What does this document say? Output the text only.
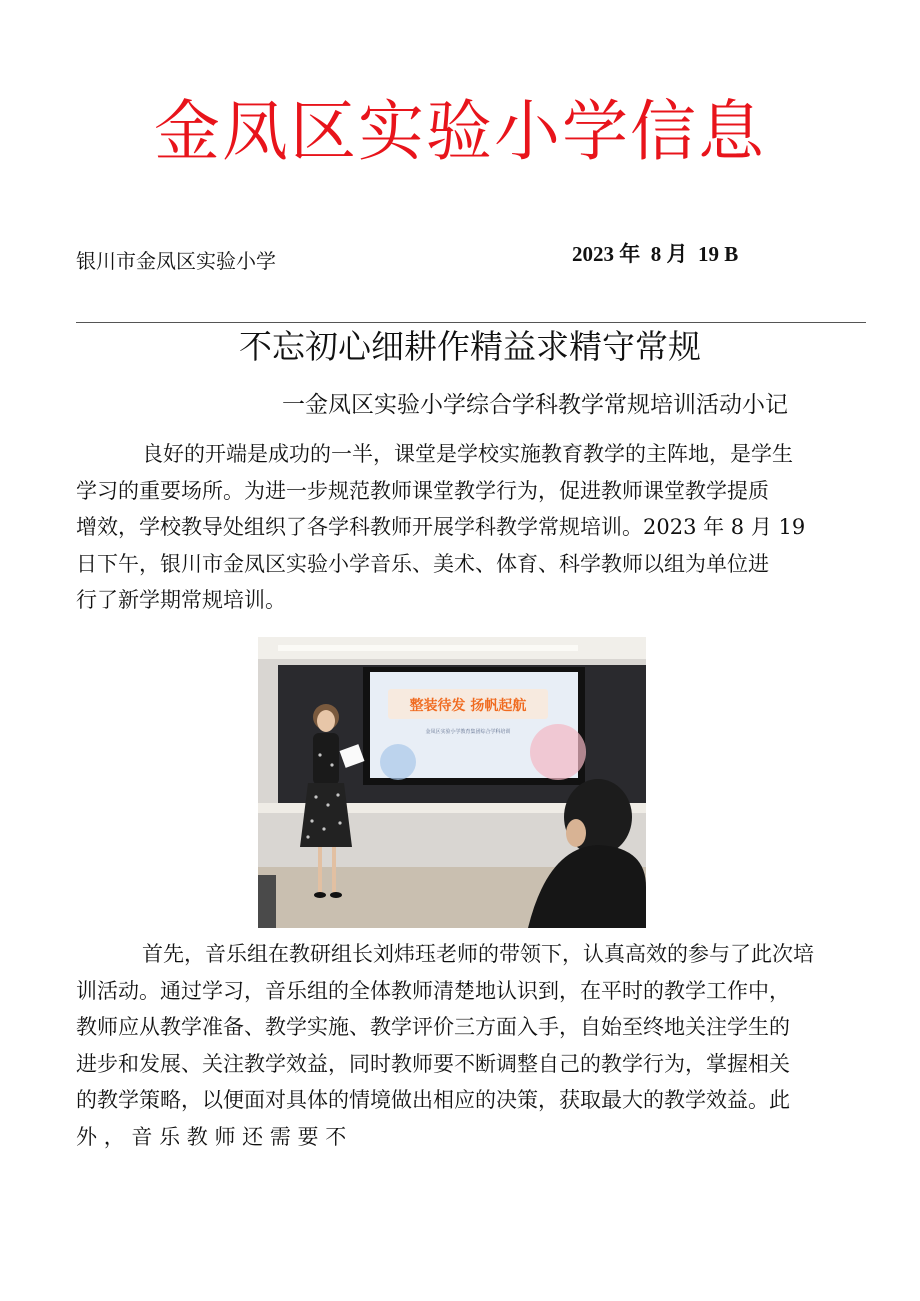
金凤区实验小学信息
银川市金凤区实验小学	2023 年  8 月  19 B
不忘初心细耕作精益求精守常规
一金凤区实验小学综合学科教学常规培训活动小记
良好的开端是成功的一半，课堂是学校实施教育教学的主阵地，是学生
学习的重要场所。为进一步规范教师课堂教学行为，促进教师课堂教学提质
增效，学校教导处组织了各学科教师开展学科教学常规培训。2023 年 8 月 19
日下午，银川市金凤区实验小学音乐、美术、体育、科学教师以组为单位进
行了新学期常规培训。
整装待发 扬帆起航
金凤区实验小学教育集团综合学科培训
首先，音乐组在教研组长刘炜珏老师的带领下，认真高效的参与了此次培
训活动。通过学习，音乐组的全体教师清楚地认识到，在平时的教学工作中，
教师应从教学准备、教学实施、教学评价三方面入手，自始至终地关注学生的
进步和发展、关注教学效益，同时教师要不断调整自己的教学行为，掌握相关
的教学策略，以便面对具体的情境做出相应的决策，获取最大的教学效益。此
外 ， 音 乐 教 师 还 需 要 不
